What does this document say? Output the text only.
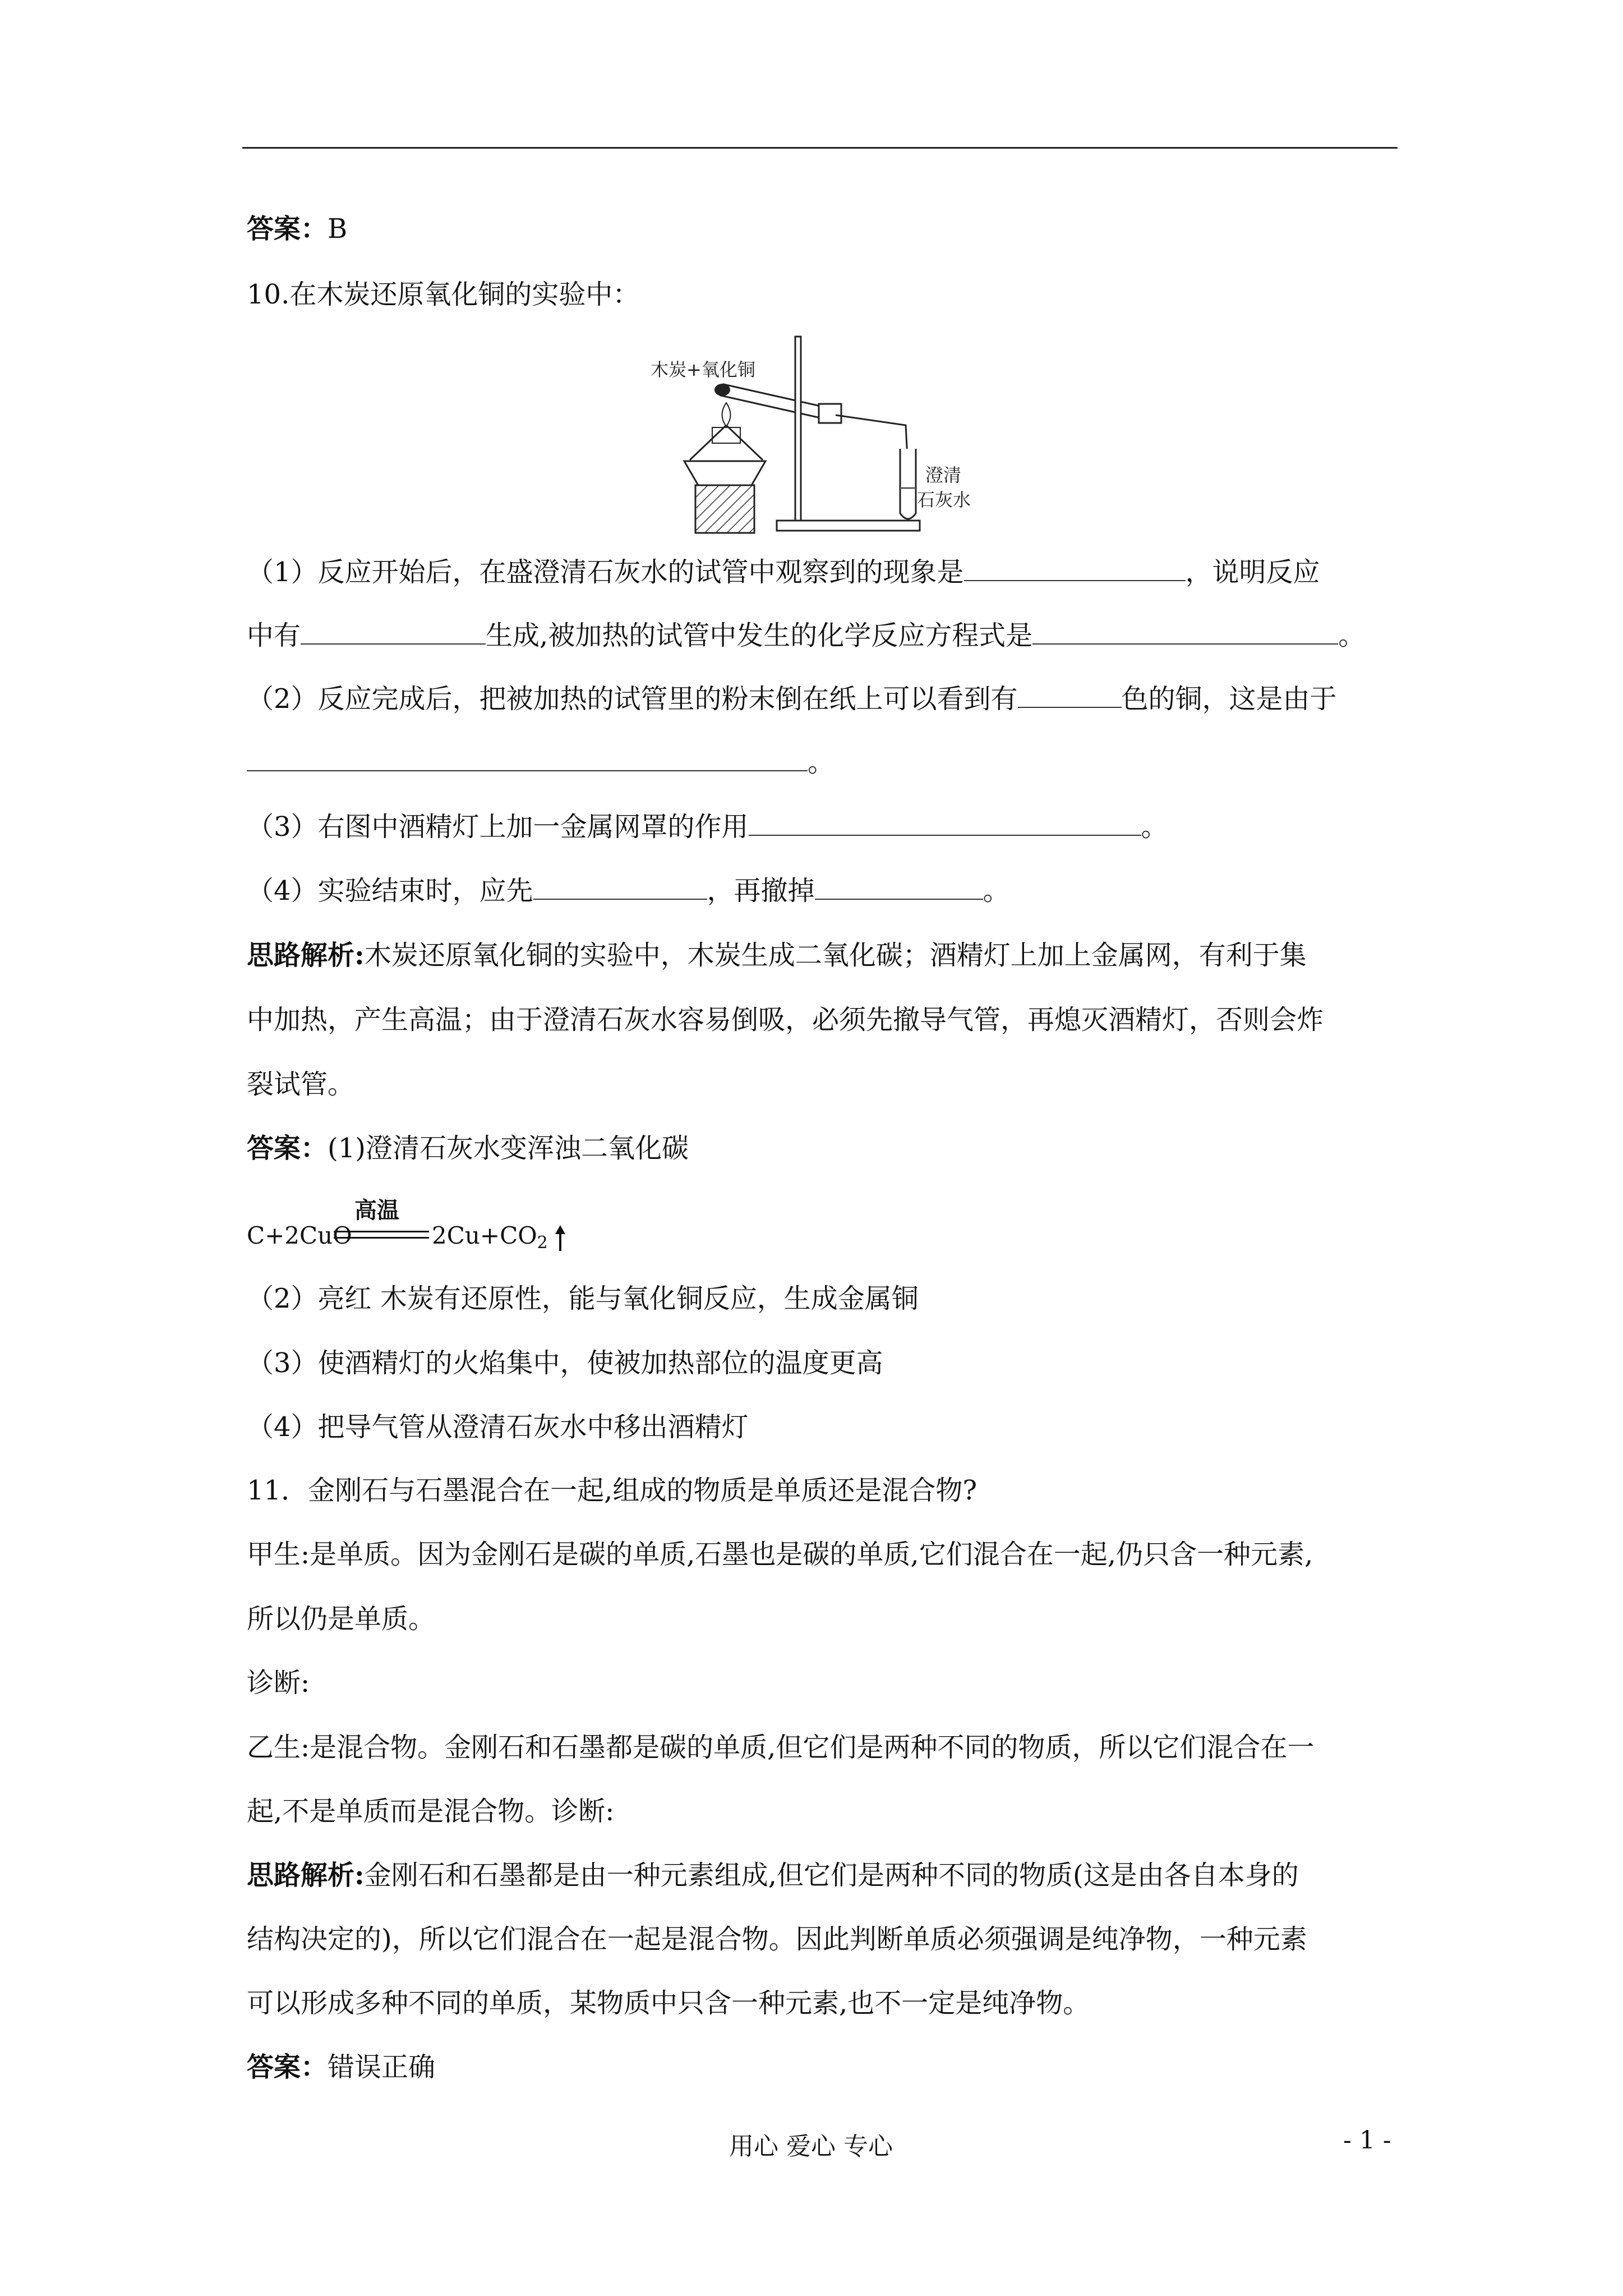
答案：B
10.在木炭还原氧化铜的实验中：
木炭+氧化铜
澄清
石灰水
（1）反应开始后，在盛澄清石灰水的试管中观察到的现象是	，说明反应
中有	生成,被加热的试管中发生的化学反应方程式是	。
（2）反应完成后，把被加热的试管里的粉末倒在纸上可以看到有	色的铜，这是由于
。
（3）右图中酒精灯上加一金属网罩的作用	。
（4）实验结束时，应先	，再撤掉	。
思路解析:木炭还原氧化铜的实验中，木炭生成二氧化碳；酒精灯上加上金属网，有利于集
中加热，产生高温；由于澄清石灰水容易倒吸，必须先撤导气管，再熄灭酒精灯，否则会炸
裂试管。
答案：(1)澄清石灰水变浑浊二氧化碳
C+2CuO
高温
$2Cu+CO_2$
（2）亮红 木炭有还原性，能与氧化铜反应，生成金属铜
（3）使酒精灯的火焰集中，使被加热部位的温度更高
（4）把导气管从澄清石灰水中移出酒精灯
11．金刚石与石墨混合在一起,组成的物质是单质还是混合物?
甲生:是单质。因为金刚石是碳的单质,石墨也是碳的单质,它们混合在一起,仍只含一种元素,
所以仍是单质。
诊断:
乙生:是混合物。金刚石和石墨都是碳的单质,但它们是两种不同的物质，所以它们混合在一
起,不是单质而是混合物。诊断:
思路解析:金刚石和石墨都是由一种元素组成,但它们是两种不同的物质(这是由各自本身的
结构决定的)，所以它们混合在一起是混合物。因此判断单质必须强调是纯净物，一种元素
可以形成多种不同的单质，某物质中只含一种元素,也不一定是纯净物。
答案：错误正确
用心 爱心 专心	- 1 -
